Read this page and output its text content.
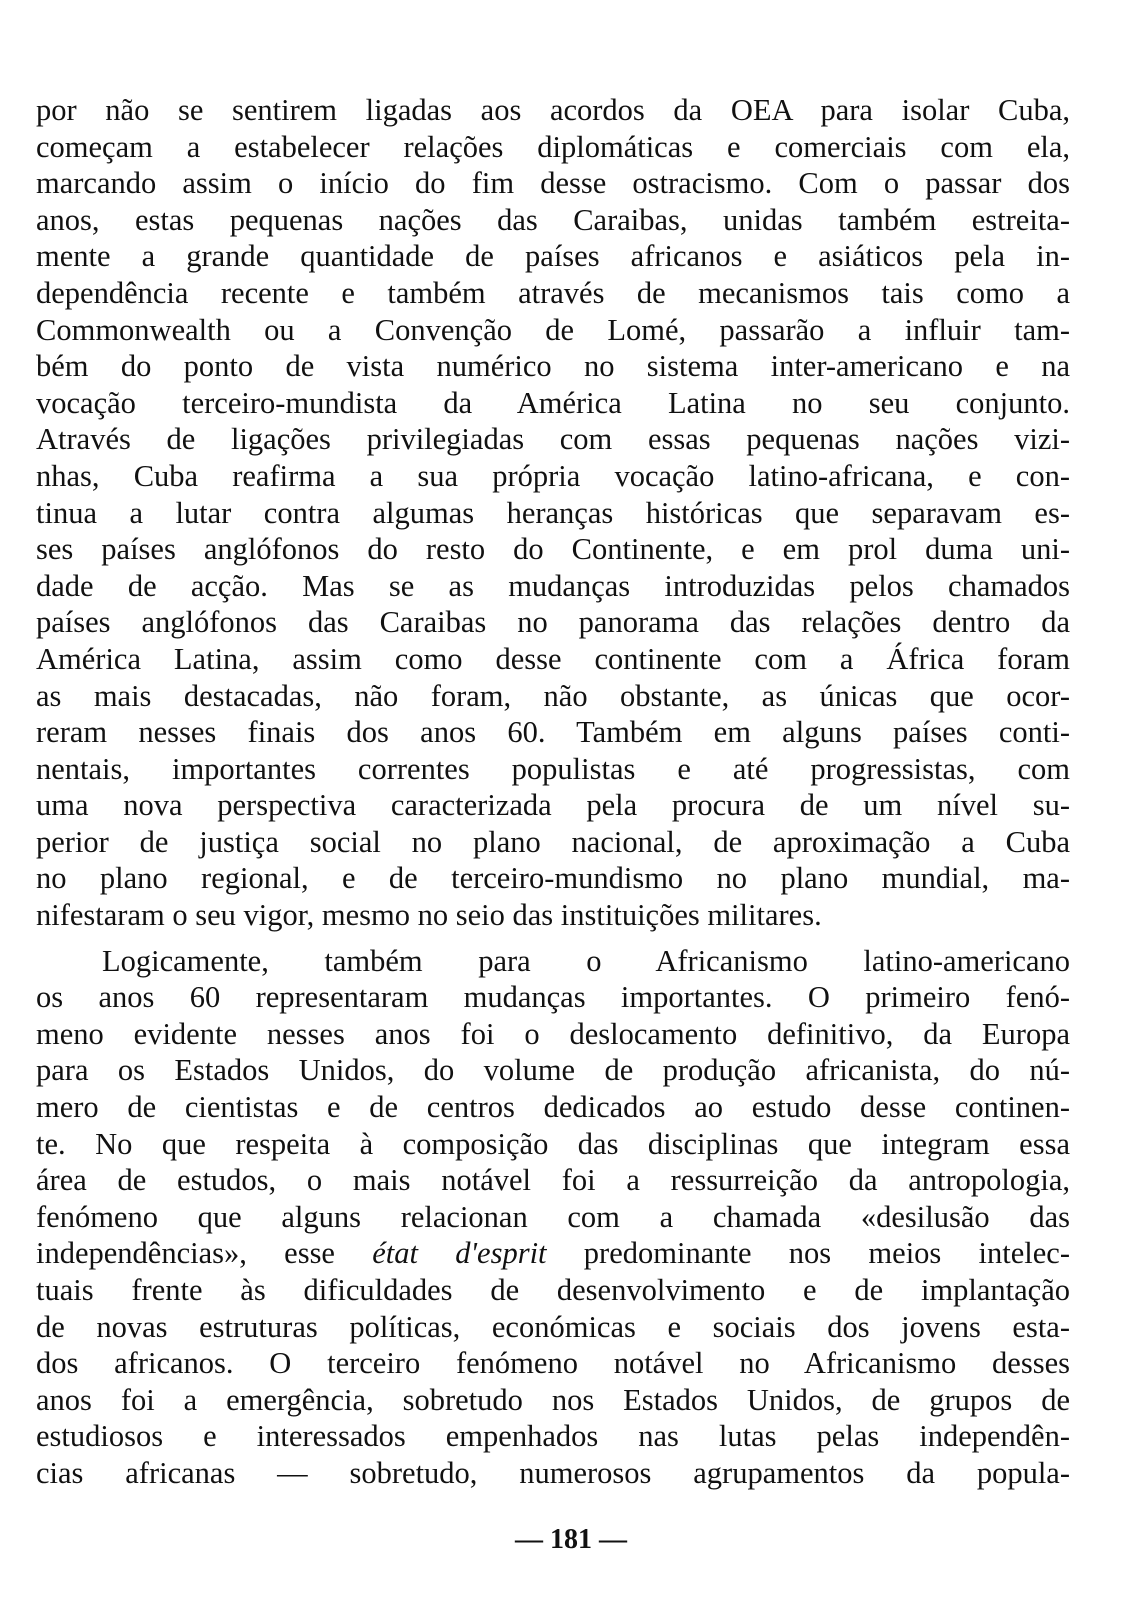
por não se sentirem ligadas aos acordos da OEA para isolar Cuba,
começam a estabelecer relações diplomáticas e comerciais com ela,
marcando assim o início do fim desse ostracismo. Com o passar dos
anos, estas pequenas nações das Caraibas, unidas também estreita-
mente a grande quantidade de países africanos e asiáticos pela in-
dependência recente e também através de mecanismos tais como a
Commonwealth ou a Convenção de Lomé, passarão a influir tam-
bém do ponto de vista numérico no sistema inter-americano e na
vocação terceiro-mundista da América Latina no seu conjunto.
Através de ligações privilegiadas com essas pequenas nações vizi-
nhas, Cuba reafirma a sua própria vocação latino-africana, e con-
tinua a lutar contra algumas heranças históricas que separavam es-
ses países anglófonos do resto do Continente, e em prol duma uni-
dade de acção. Mas se as mudanças introduzidas pelos chamados
países anglófonos das Caraibas no panorama das relações dentro da
América Latina, assim como desse continente com a África foram
as mais destacadas, não foram, não obstante, as únicas que ocor-
reram nesses finais dos anos 60. Também em alguns países conti-
nentais, importantes correntes populistas e até progressistas, com
uma nova perspectiva caracterizada pela procura de um nível su-
perior de justiça social no plano nacional, de aproximação a Cuba
no plano regional, e de terceiro-mundismo no plano mundial, ma-
nifestaram o seu vigor, mesmo no seio das instituições militares.
Logicamente, também para o Africanismo latino-americano
os anos 60 representaram mudanças importantes. O primeiro fenó-
meno evidente nesses anos foi o deslocamento definitivo, da Europa
para os Estados Unidos, do volume de produção africanista, do nú-
mero de cientistas e de centros dedicados ao estudo desse continen-
te. No que respeita à composição das disciplinas que integram essa
área de estudos, o mais notável foi a ressurreição da antropologia,
fenómeno que alguns relacionan com a chamada «desilusão das
independências», esse état d'esprit predominante nos meios intelec-
tuais frente às dificuldades de desenvolvimento e de implantação
de novas estruturas políticas, económicas e sociais dos jovens esta-
dos africanos. O terceiro fenómeno notável no Africanismo desses
anos foi a emergência, sobretudo nos Estados Unidos, de grupos de
estudiosos e interessados empenhados nas lutas pelas independên-
cias africanas — sobretudo, numerosos agrupamentos da popula-
— 181 —
